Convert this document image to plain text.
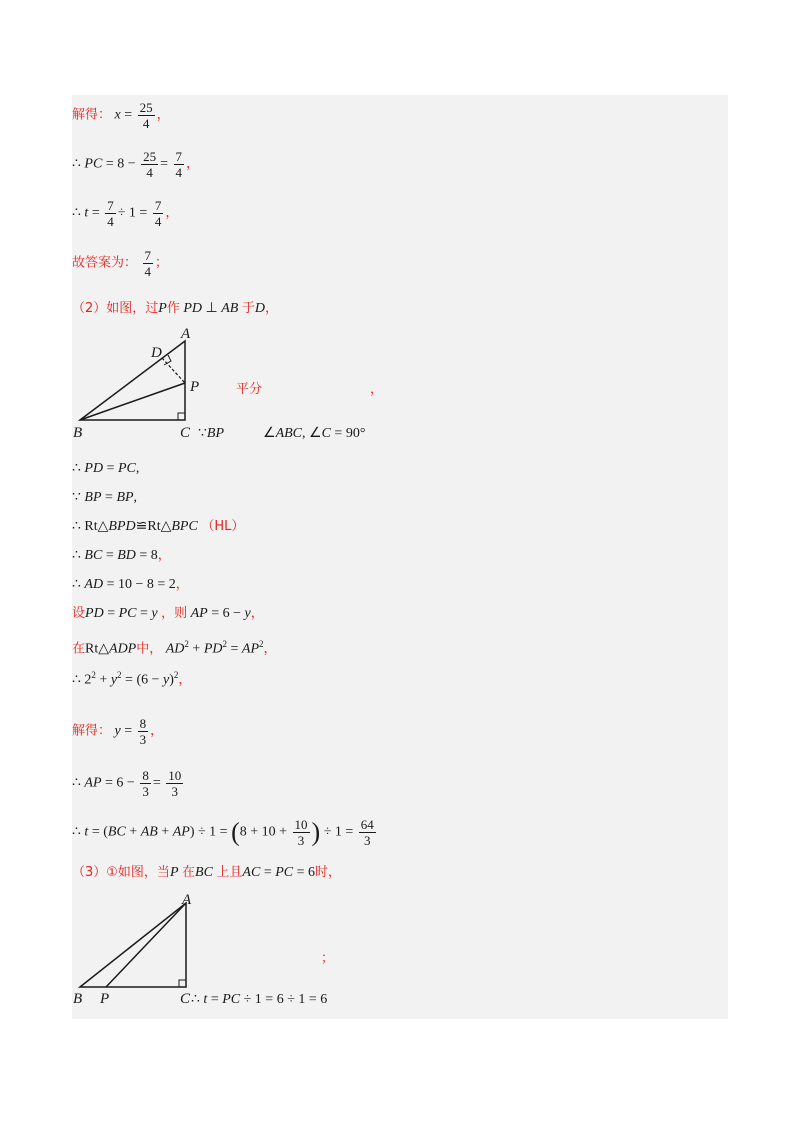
解得： $x = \frac{25}{4}$ ，
∴ PC = $8 - \frac{25}{4} = \frac{7}{4}$ ，
∴ $t = \frac{7}{4} \div 1 = \frac{7}{4}$ ，
故答案为： $\frac{7}{4}$ ；
（2）如图，过P作 PD ⊥ AB 于D，
A
D
P
B	C
平分	，
∵BP	∠ABC, ∠C = 90°
∴ PD = PC,
∵ BP = BP,
∴ Rt△BPD≌Rt△BPC （HL）
∴ BC = BD = 8，
∴ AD = 10 − 8 = 2，
设PD = PC = y ，则 AP = 6 − y，
在Rt△ADP中， $AD^2 + PD^2 = AP^2$，
∴ $2^2 + y^2 = (6 - y)^2$，
解得： $y = \frac{8}{3}$ ，
∴ AP = $6 - \frac{8}{3} = \frac{10}{3}$
∴ t = (BC + AB + $AP) \div 1 = (8 + 10 + \frac{10}{3}$ ) ÷ $1 = \frac{64}{3}$
（3）①如图，当P 在BC 上且AC = PC = 6时，
A
B P	C
；
∴ t = PC ÷ 1 = 6 ÷ 1 = 6
